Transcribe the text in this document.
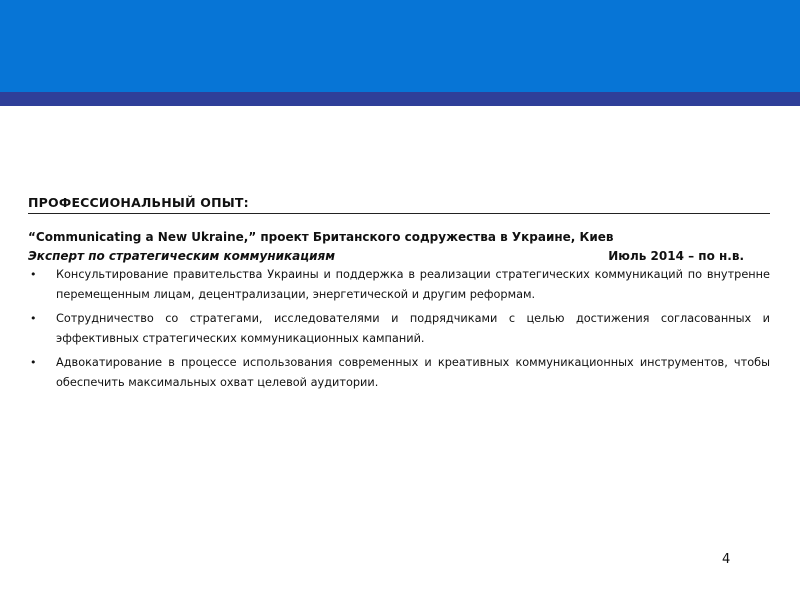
ПРОФЕССИОНАЛЬНЫЙ ОПЫТ:
“Communicating a New Ukraine,” проект Британского содружества в Украине, Киев
Эксперт по стратегическим коммуникациям	Июль 2014 – по н.в.
• Консультирование правительства Украины и поддержка в реализации стратегических коммуникаций по внутренне перемещенным лицам, децентрализации, энергетической и другим реформам.
• Сотрудничество со стратегами, исследователями и подрядчиками с целью достижения согласованных и эффективных стратегических коммуникационных кампаний.
• Адвокатирование в процессе использования современных и креативных коммуникационных инструментов, чтобы обеспечить максимальных охват целевой аудитории.
4
